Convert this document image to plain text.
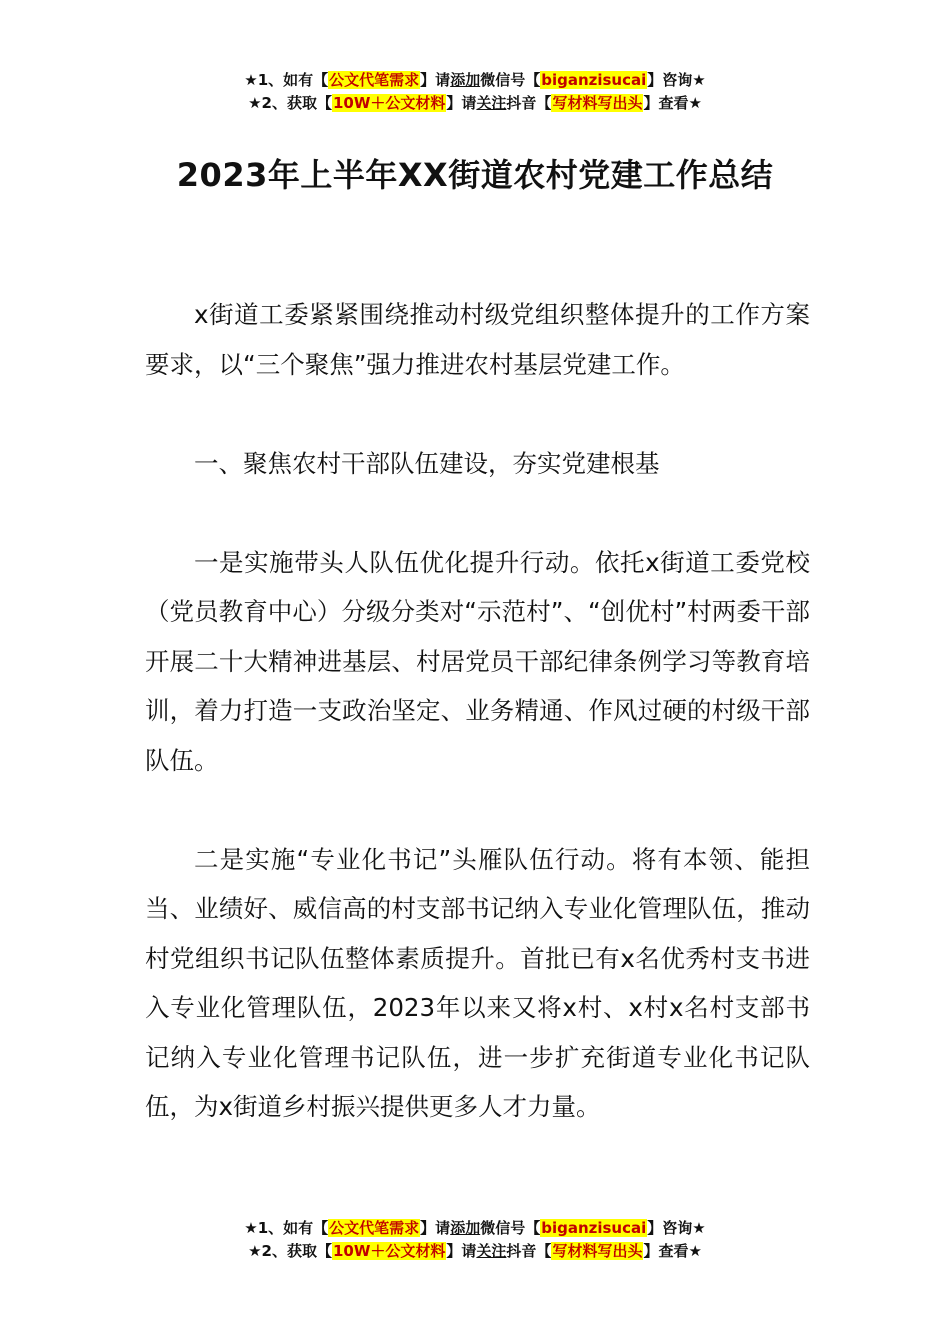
★1、如有【公文代笔需求】请添加微信号【biganzisucai】咨询★
★2、获取【10W＋公文材料】请关注抖音【写材料写出头】查看★
2023年上半年XX街道农村党建工作总结

x街道工委紧紧围绕推动村级党组织整体提升的工作方案要求，以“三个聚焦”强力推进农村基层党建工作。

一、聚焦农村干部队伍建设，夯实党建根基

一是实施带头人队伍优化提升行动。依托x街道工委党校（党员教育中心）分级分类对“示范村”、“创优村”村两委干部开展二十大精神进基层、村居党员干部纪律条例学习等教育培训，着力打造一支政治坚定、业务精通、作风过硬的村级干部队伍。

二是实施“专业化书记”头雁队伍行动。将有本领、能担当、业绩好、威信高的村支部书记纳入专业化管理队伍，推动村党组织书记队伍整体素质提升。首批已有x名优秀村支书进入专业化管理队伍，2023年以来又将x村、x村x名村支部书记纳入专业化管理书记队伍，进一步扩充街道专业化书记队伍，为x街道乡村振兴提供更多人才力量。

★1、如有【公文代笔需求】请添加微信号【biganzisucai】咨询★
★2、获取【10W＋公文材料】请关注抖音【写材料写出头】查看★
